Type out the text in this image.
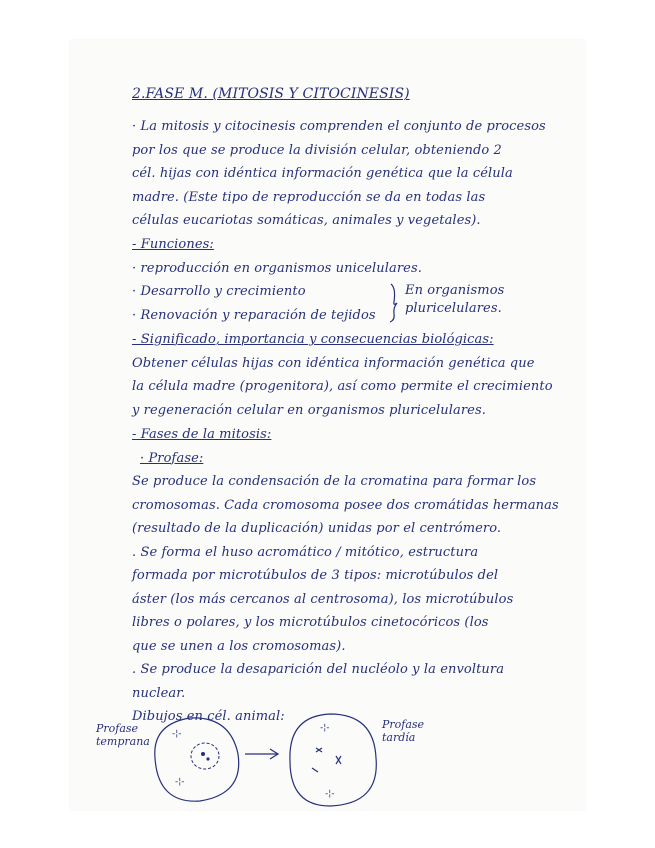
2.FASE M. (MITOSIS Y CITOCINESIS)
· La mitosis y citocinesis comprenden el conjunto de procesos
por los que se produce la división celular, obteniendo 2
cél. hijas con idéntica información genética que la célula
madre. (Este tipo de reproducción se da en todas las
células eucariotas somáticas, animales y vegetales).
- Funciones:
· reproducción en organismos unicelulares.
· Desarrollo y crecimiento
· Renovación y reparación de tejidos
En organismos
pluricelulares.
- Significado, importancia y consecuencias biológicas:
Obtener células hijas con idéntica información genética que
la célula madre (progenitora), así como permite el crecimiento
y regeneración celular en organismos pluricelulares.
- Fases de la mitosis:
· Profase:
Se produce la condensación de la cromatina para formar los
cromosomas. Cada cromosoma posee dos cromátidas hermanas
(resultado de la duplicación) unidas por el centrómero.
. Se forma el huso acromático / mitótico, estructura
formada por microtúbulos de 3 tipos: microtúbulos del
áster (los más cercanos al centrosoma), los microtúbulos
libres o polares, y los microtúbulos cinetocóricos (los
que se unen a los cromosomas).
. Se produce la desaparición del nucléolo y la envoltura
nuclear.
Dibujos en cél. animal:
Profase
temprana
Profase
tardía
-¦-
-¦-
-¦-
-¦-
